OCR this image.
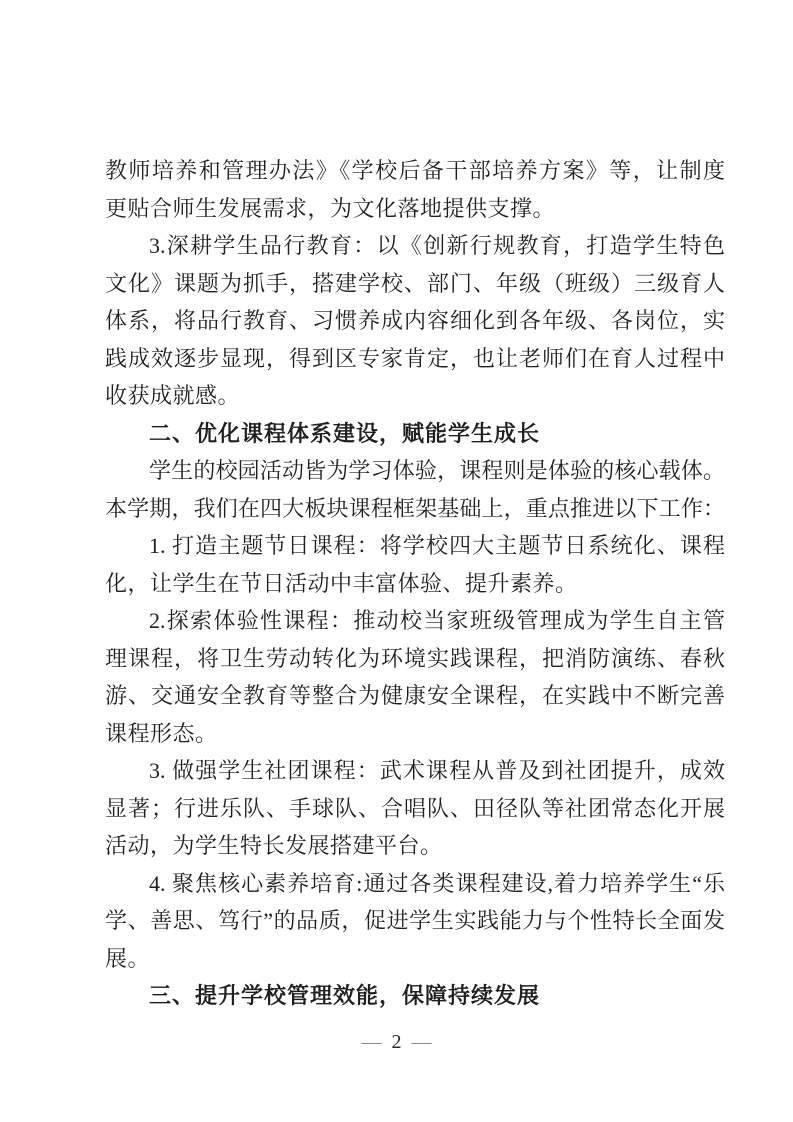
教师培养和管理办法》《学校后备干部培养方案》等，让制度
更贴合师生发展需求，为文化落地提供支撑。
3.深耕学生品行教育：以《创新行规教育，打造学生特色
文化》课题为抓手，搭建学校、部门、年级（班级）三级育人
体系，将品行教育、习惯养成内容细化到各年级、各岗位，实
践成效逐步显现，得到区专家肯定，也让老师们在育人过程中
收获成就感。
二、优化课程体系建设，赋能学生成长
学生的校园活动皆为学习体验，课程则是体验的核心载体。
本学期，我们在四大板块课程框架基础上，重点推进以下工作：
1. 打造主题节日课程：将学校四大主题节日系统化、课程
化，让学生在节日活动中丰富体验、提升素养。
2.探索体验性课程：推动校当家班级管理成为学生自主管
理课程，将卫生劳动转化为环境实践课程，把消防演练、春秋
游、交通安全教育等整合为健康安全课程，在实践中不断完善
课程形态。
3. 做强学生社团课程：武术课程从普及到社团提升，成效
显著；行进乐队、手球队、合唱队、田径队等社团常态化开展
活动，为学生特长发展搭建平台。
4. 聚焦核心素养培育:通过各类课程建设,着力培养学生“乐
学、善思、笃行”的品质，促进学生实践能力与个性特长全面发
展。
三、提升学校管理效能，保障持续发展
— 2 —
